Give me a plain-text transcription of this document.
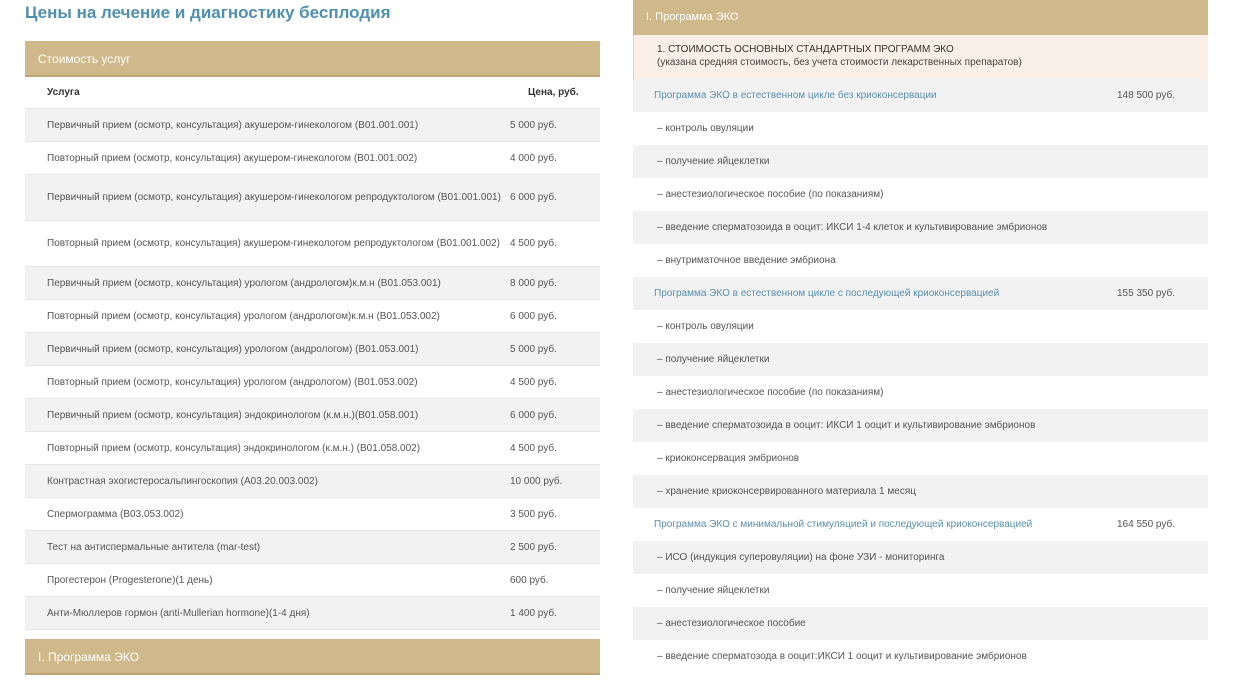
Цены на лечение и диагностику бесплодия
Стоимость услуг
Услуга	Цена, руб.
Первичный прием (осмотр, консультация) акушером-гинекологом (B01.001.001)	5 000 руб.
Повторный прием (осмотр, консультация) акушером-гинекологом (B01.001.002)	4 000 руб.
Первичный прием (осмотр, консультация) акушером-гинекологом репродуктологом (B01.001.001) 6 000 руб.
Повторный прием (осмотр, консультация) акушером-гинекологом репродуктологом (B01.001.002)	4 500 руб.
Первичный прием (осмотр, консультация) урологом (андрологом)к.м.н (B01.053.001)	8 000 руб.
Повторный прием (осмотр, консультация) урологом (андрологом)к.м.н (B01.053.002)	6 000 руб.
Первичный прием (осмотр, консультация) урологом (андрологом) (B01.053.001)	5 000 руб.
Повторный прием (осмотр, консультация) урологом (андрологом) (B01.053.002)	4 500 руб.
Первичный прием (осмотр, консультация) эндокринологом (к.м.н.)(B01.058.001)	6 000 руб.
Повторный прием (осмотр, консультация) эндокринологом (к.м.н.) (B01.058.002)	4 500 руб.
Контрастная эхогистеросальпингоскопия (A03.20.003.002)	10 000 руб.
Спермограмма (B03.053.002)	3 500 руб.
Тест на антиспермальные антитела (mar-test)	2 500 руб.
Прогестерон (Progesterone)(1 день)	600 руб.
Анти-Мюллеров гормон (anti-Mullerian hormone)(1-4 дня)	1 400 руб.
I. Программа ЭКО
I. Программа ЭКО
1. СТОИМОСТЬ ОСНОВНЫХ СТАНДАРТНЫХ ПРОГРАММ ЭКО
(указана средняя стоимость, без учета стоимости лекарственных препаратов)
Программа ЭКО в естественном цикле без криоконсервации	148 500 руб.
– контроль овуляции
– получение яйцеклетки
– анестезиологическое пособие (по показаниям)
– введение сперматозоида в ооцит: ИКСИ 1-4 клеток и культивирование эмбрионов
– внутриматочное введение эмбриона
Программа ЭКО в естественном цикле с последующей криоконсервацией	155 350 руб.
– контроль овуляции
– получение яйцеклетки
– анестезиологическое пособие (по показаниям)
– введение сперматозоида в ооцит: ИКСИ 1 ооцит и культивирование эмбрионов
– криоконсервация эмбрионов
– хранение криоконсервированного материала 1 месяц
Программа ЭКО с минимальной стимуляцией и последующей криоконсервацией	164 550 руб.
– ИСО (индукция суперовуляции) на фоне УЗИ - мониторинга
– получение яйцеклетки
– анестезиологическое пособие
– введение сперматозода в ооцит:ИКСИ 1 ооцит и культивирование эмбрионов
